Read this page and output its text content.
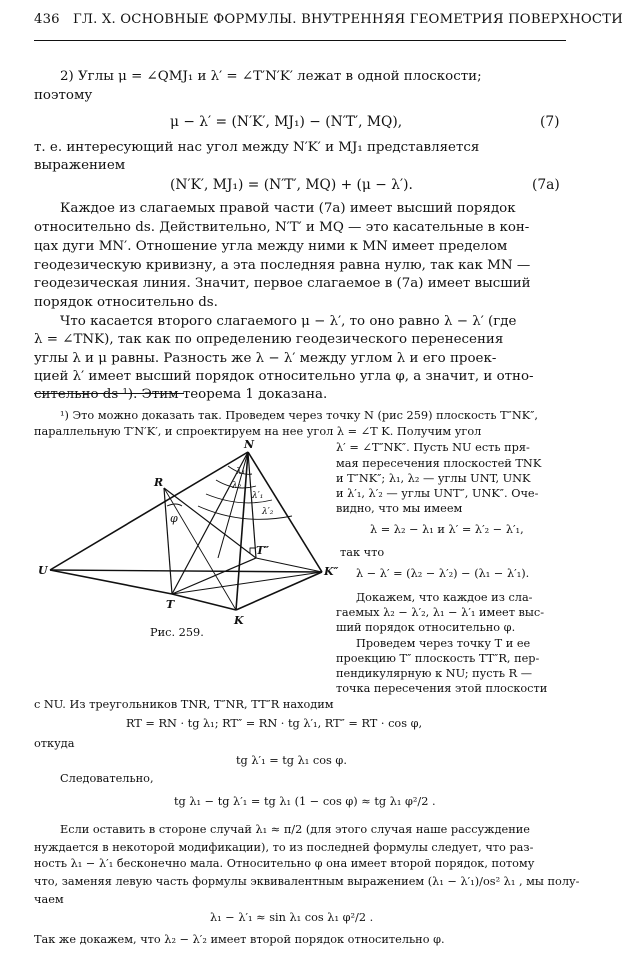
436 ГЛ. X. ОСНОВНЫЕ ФОРМУЛЫ. ВНУТРЕННЯЯ ГЕОМЕТРИЯ ПОВЕРХНОСТИ
2) Углы μ = ∠QMJ₁ и λ′ = ∠T′N′K′ лежат в одной плоскости;
поэтому
μ − λ′ = (N′K′, MJ₁) − (N′T′, MQ),	(7)
т. е. интересующий нас угол между N′K′ и MJ₁ представляется
выражением
(N′K′, MJ₁) = (N′T′, MQ) + (μ − λ′).	(7а)
Каждое из слагаемых правой части (7а) имеет высший порядок
относительно ds. Действительно, N′T′ и MQ — это касательные в кон-
цах дуги MN′. Отношение угла между ними к MN имеет пределом
геодезическую кривизну, а эта последняя равна нулю, так как MN —
геодезическая линия. Значит, первое слагаемое в (7а) имеет высший
порядок относительно ds.
Что касается второго слагаемого μ − λ′, то оно равно λ − λ′ (где
λ = ∠TNK), так как по определению геодезического перенесения
углы λ и μ равны. Разность же λ − λ′ между углом λ и его проек-
цией λ′ имеет высший порядок относительно угла φ, а значит, и отно-
сительно ds ¹). Этим теорема 1 доказана.
¹) Это можно доказать так. Проведем через точку N (рис 259) плоскость T″NK″,
параллельную T′N′K′, и спроектируем на нее угол λ = ∠T K. Получим угол
λ′ = ∠T″NK″. Пусть NU есть пря-
мая пересечения плоскостей TNK
и T″NK″; λ₁, λ₂ — углы UNT, UNK
и λ′₁, λ′₂ — углы UNT″, UNK″. Оче-
видно, что мы имеем
λ = λ₂ − λ₁ и λ′ = λ′₂ − λ′₁,
так что
λ − λ′ = (λ₂ − λ′₂) − (λ₁ − λ′₁).
Докажем, что каждое из сла-
гаемых λ₂ − λ′₂, λ₁ − λ′₁ имеет выс-
ший порядок относительно φ.
Проведем через точку T и ее
проекцию T″ плоскость TT″R, пер-
пендикулярную к NU; пусть R —
точка пересечения этой плоскости
с NU. Из треугольников TNR, T″NR, TT″R находим
RT = RN · tg λ₁; RT″ = RN · tg λ′₁, RT″ = RT · cos φ,
откуда
tg λ′₁ = tg λ₁ cos φ.
Следовательно,
tg λ₁ − tg λ′₁ = tg λ₁ (1 − cos φ) ≈ tg λ₁ φ²/2 .
Если оставить в стороне случай λ₁ ≈ π/2 (для этого случая наше рассуждение
нуждается в некоторой модификации), то из последней формулы следует, что раз-
ность λ₁ − λ′₁ бесконечно мала. Относительно φ она имеет второй порядок, потому
что, заменяя левую часть формулы эквивалентным выражением (λ₁ − λ′₁)/os² λ₁ , мы полу-
чаем
λ₁ − λ′₁ ≈ sin λ₁ cos λ₁ φ²/2 .
Так же докажем, что λ₂ − λ′₂ имеет второй порядок относительно φ.
N
R
U
T
K
T″
K″
φ
λ₁
λ₂
λ′₁
λ′₂
Рис. 259.
